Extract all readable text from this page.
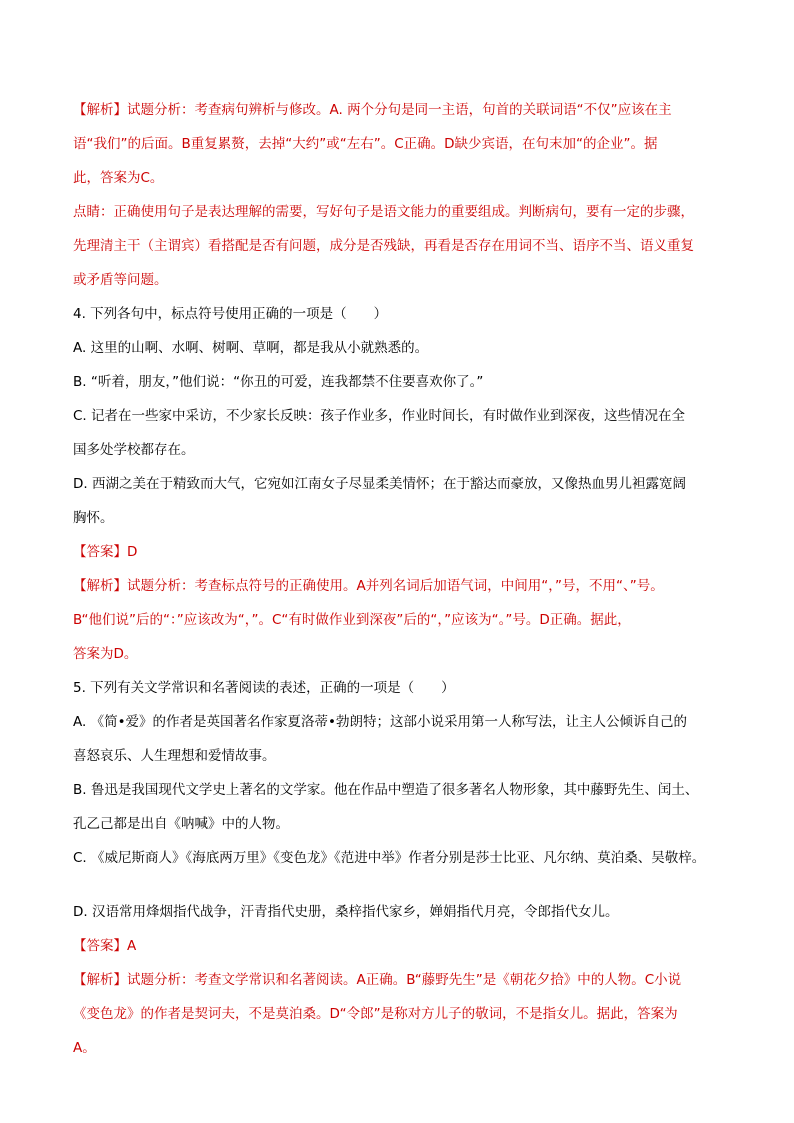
【解析】试题分析：考查病句辨析与修改。A. 两个分句是同一主语，句首的关联词语“不仅”应该在主
语“我们”的后面。B重复累赘，去掉“大约”或“左右”。C正确。D缺少宾语，在句末加“的企业”。据
此，答案为C。
点睛：正确使用句子是表达理解的需要，写好句子是语文能力的重要组成。判断病句，要有一定的步骤，
先理清主干（主谓宾）看搭配是否有问题，成分是否残缺，再看是否存在用词不当、语序不当、语义重复
或矛盾等问题。
4. 下列各句中，标点符号使用正确的一项是（　　）
A. 这里的山啊、水啊、树啊、草啊，都是我从小就熟悉的。
B. “听着，朋友，”他们说：“你丑的可爱，连我都禁不住要喜欢你了。”
C. 记者在一些家中采访，不少家长反映：孩子作业多，作业时间长，有时做作业到深夜，这些情况在全
国多处学校都存在。
D. 西湖之美在于精致而大气，它宛如江南女子尽显柔美情怀；在于豁达而豪放，又像热血男儿袒露宽阔
胸怀。
【答案】D
【解析】试题分析：考查标点符号的正确使用。A并列名词后加语气词，中间用“，”号，不用“、”号。
B“他们说”后的“：”应该改为“，”。C“有时做作业到深夜”后的“，”应该为“。”号。D正确。据此，
答案为D。
5. 下列有关文学常识和名著阅读的表述，正确的一项是（　　）
A. 《简•爱》的作者是英国著名作家夏洛蒂•勃朗特；这部小说采用第一人称写法，让主人公倾诉自己的
喜怒哀乐、人生理想和爱情故事。
B. 鲁迅是我国现代文学史上著名的文学家。他在作品中塑造了很多著名人物形象，其中藤野先生、闰土、
孔乙己都是出自《呐喊》中的人物。
C. 《威尼斯商人》《海底两万里》《变色龙》《范进中举》作者分别是莎士比亚、凡尔纳、莫泊桑、吴敬梓。
D. 汉语常用烽烟指代战争，汗青指代史册，桑梓指代家乡，婵娟指代月亮，令郎指代女儿。
【答案】A
【解析】试题分析：考查文学常识和名著阅读。A正确。B“藤野先生”是《朝花夕拾》中的人物。C小说
《变色龙》的作者是契诃夫，不是莫泊桑。D“令郎”是称对方儿子的敬词，不是指女儿。据此，答案为
A。
